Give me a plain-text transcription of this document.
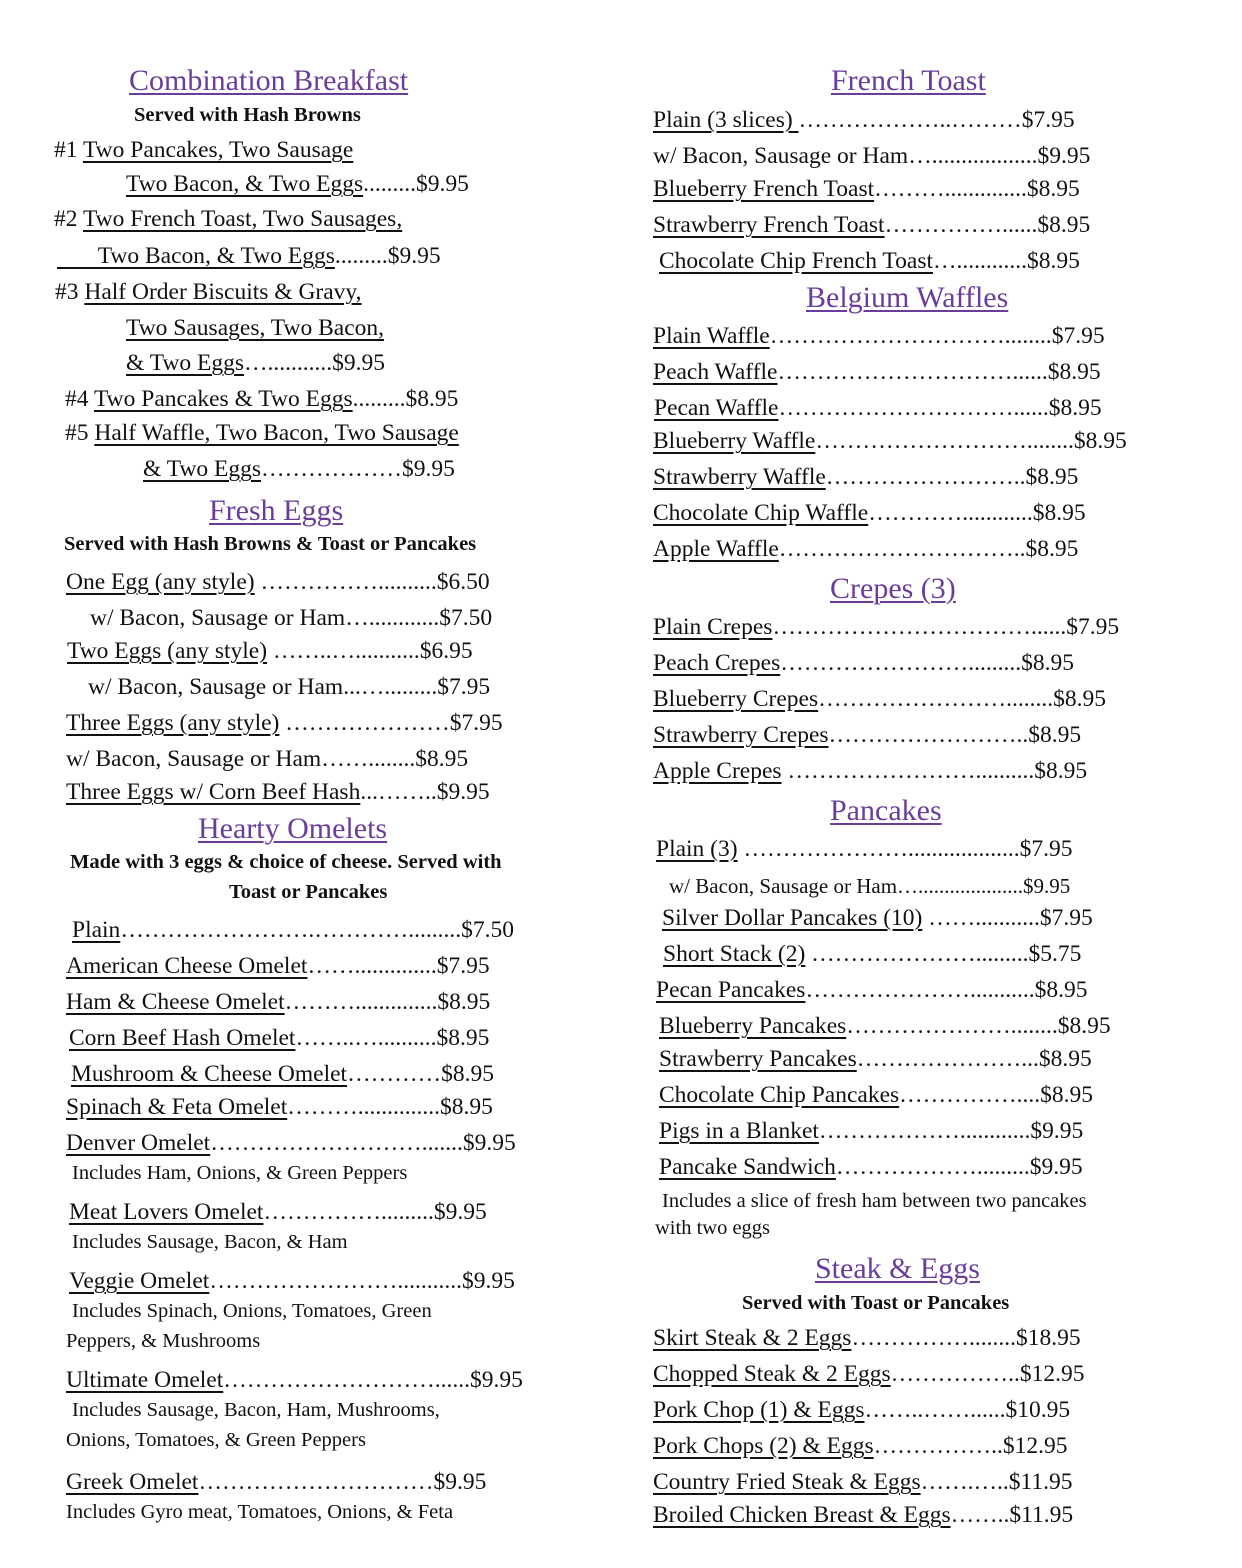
Combination Breakfast
Served with Hash Browns
#1 Two Pancakes, Two Sausage
Two Bacon, & Two Eggs.........$9.95
#2 Two French Toast, Two Sausages,
Two Bacon, & Two Eggs.........$9.95
#3 Half Order Biscuits & Gravy,
Two Sausages, Two Bacon,
& Two Eggs…...........$9.95
#4 Two Pancakes & Two Eggs.........$8.95
#5 Half Waffle, Two Bacon, Two Sausage
& Two Eggs………………$9.95
Fresh Eggs
Served with Hash Browns & Toast or Pancakes
One Egg (any style) ……………..........$6.50
w/ Bacon, Sausage or Ham…............$7.50
Two Eggs (any style) ……..…...........$6.95
w/ Bacon, Sausage or Ham...….........$7.95
Three Eggs (any style) …………………$7.95
w/ Bacon, Sausage or Ham……........$8.95
Three Eggs w/ Corn Beef Hash...……..$9.95
Hearty Omelets
Made with 3 eggs & choice of cheese. Served with
Toast or Pancakes
Plain…………………….………….........$7.50
American Cheese Omelet……..............$7.95
Ham & Cheese Omelet………..............$8.95
Corn Beef Hash Omelet……..…..........$8.95
Mushroom & Cheese Omelet…………$8.95
Spinach & Feta Omelet………..............$8.95
Denver Omelet……………………….......$9.95
Meat Lovers Omelet…………….........$9.95
Veggie Omelet……………………...........$9.95
Ultimate Omelet………………………......$9.95
Greek Omelet…………………………$9.95
Includes Ham, Onions, & Green Peppers
Includes Sausage, Bacon, & Ham
Includes Spinach, Onions, Tomatoes, Green
Peppers, & Mushrooms
Includes Sausage, Bacon, Ham, Mushrooms,
Onions, Tomatoes, & Green Peppers
Includes Gyro meat, Tomatoes, Onions, & Feta
French Toast
Plain (3 slices) ………………..………$7.95
w/ Bacon, Sausage or Ham…..................$9.95
Blueberry French Toast………..............$8.95
Strawberry French Toast……………......$8.95
Chocolate Chip French Toast…............$8.95
Belgium Waffles
Plain Waffle…………………………........$7.95
Peach Waffle…………………………......$8.95
Pecan Waffle…………………………......$8.95
Blueberry Waffle………………………........$8.95
Strawberry Waffle……………………..$8.95
Chocolate Chip Waffle…………............$8.95
Apple Waffle…………………………..$8.95
Crepes (3)
Plain Crepes……………………………......$7.95
Peach Crepes…………………….........$8.95
Blueberry Crepes……………………........$8.95
Strawberry Crepes……………………..$8.95
Apple Crepes ……………………..........$8.95
Pancakes
Plain (3) …………………...................$7.95
w/ Bacon, Sausage or Ham…....................$9.95
Silver Dollar Pancakes (10) ……...........$7.95
Short Stack (2) ………………….........$5.75
Pecan Pancakes…………………...........$8.95
Blueberry Pancakes…………………........$8.95
Strawberry Pancakes…………………...$8.95
Chocolate Chip Pancakes……………....$8.95
Pigs in a Blanket………………............$9.95
Pancake Sandwich……………….........$9.95
Includes a slice of fresh ham between two pancakes
with two eggs
Steak & Eggs
Served with Toast or Pancakes
Skirt Steak & 2 Eggs……………........$18.95
Chopped Steak & 2 Eggs……………..$12.95
Pork Chop (1) & Eggs……..……......$10.95
Pork Chops (2) & Eggs……………..$12.95
Country Fried Steak & Eggs…….…..$11.95
Broiled Chicken Breast & Eggs……..$11.95
